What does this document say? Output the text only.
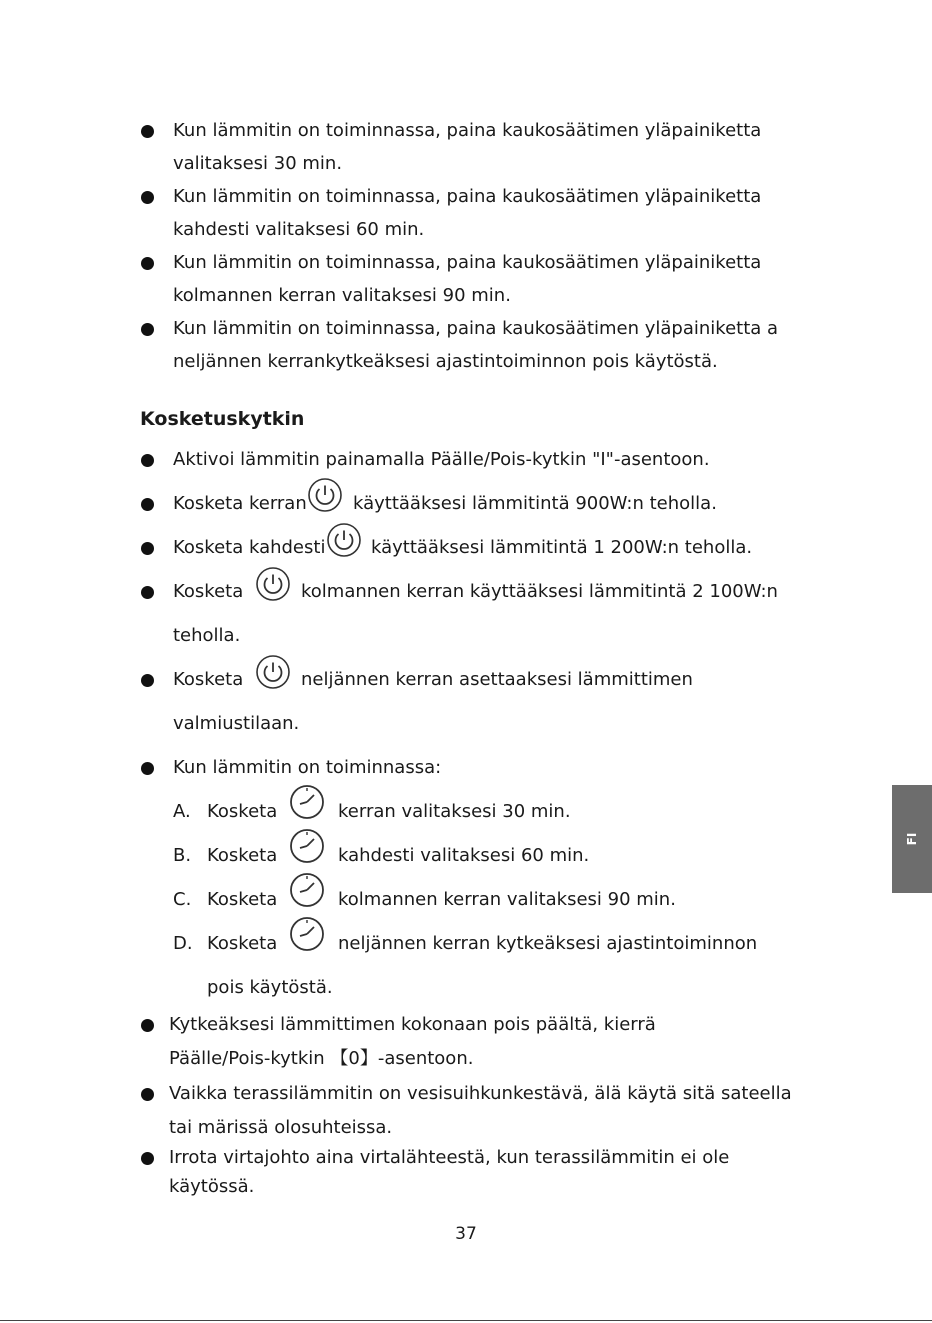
Kun lämmitin on toiminnassa, paina kaukosäätimen yläpainiketta
valitaksesi 30 min.
Kun lämmitin on toiminnassa, paina kaukosäätimen yläpainiketta
kahdesti valitaksesi 60 min.
Kun lämmitin on toiminnassa, paina kaukosäätimen yläpainiketta
kolmannen kerran valitaksesi 90 min.
Kun lämmitin on toiminnassa, paina kaukosäätimen yläpainiketta a
neljännen kerrankytkeäksesi ajastintoiminnon pois käytöstä.
Kosketuskytkin
Aktivoi lämmitin painamalla Päälle/Pois-kytkin "I"-asentoon.
Kosketa kerran	käyttääksesi lämmitintä 900W:n teholla.
Kosketa kahdesti	käyttääksesi lämmitintä 1 200W:n teholla.
Kosketa	kolmannen kerran käyttääksesi lämmitintä 2 100W:n
teholla.
Kosketa	neljännen kerran asettaaksesi lämmittimen
valmiustilaan.
Kun lämmitin on toiminnassa:
A. Kosketa	kerran valitaksesi 30 min.
B. Kosketa	kahdesti valitaksesi 60 min.
C. Kosketa	kolmannen kerran valitaksesi 90 min.
D. Kosketa	neljännen kerran kytkeäksesi ajastintoiminnon
pois käytöstä.
Kytkeäksesi lämmittimen kokonaan pois päältä, kierrä
Päälle/Pois-kytkin 【0】-asentoon.
Vaikka terassilämmitin on vesisuihkunkestävä, älä käytä sitä sateella
tai märissä olosuhteissa.
Irrota virtajohto aina virtalähteestä, kun terassilämmitin ei ole
käytössä.
37
FI
